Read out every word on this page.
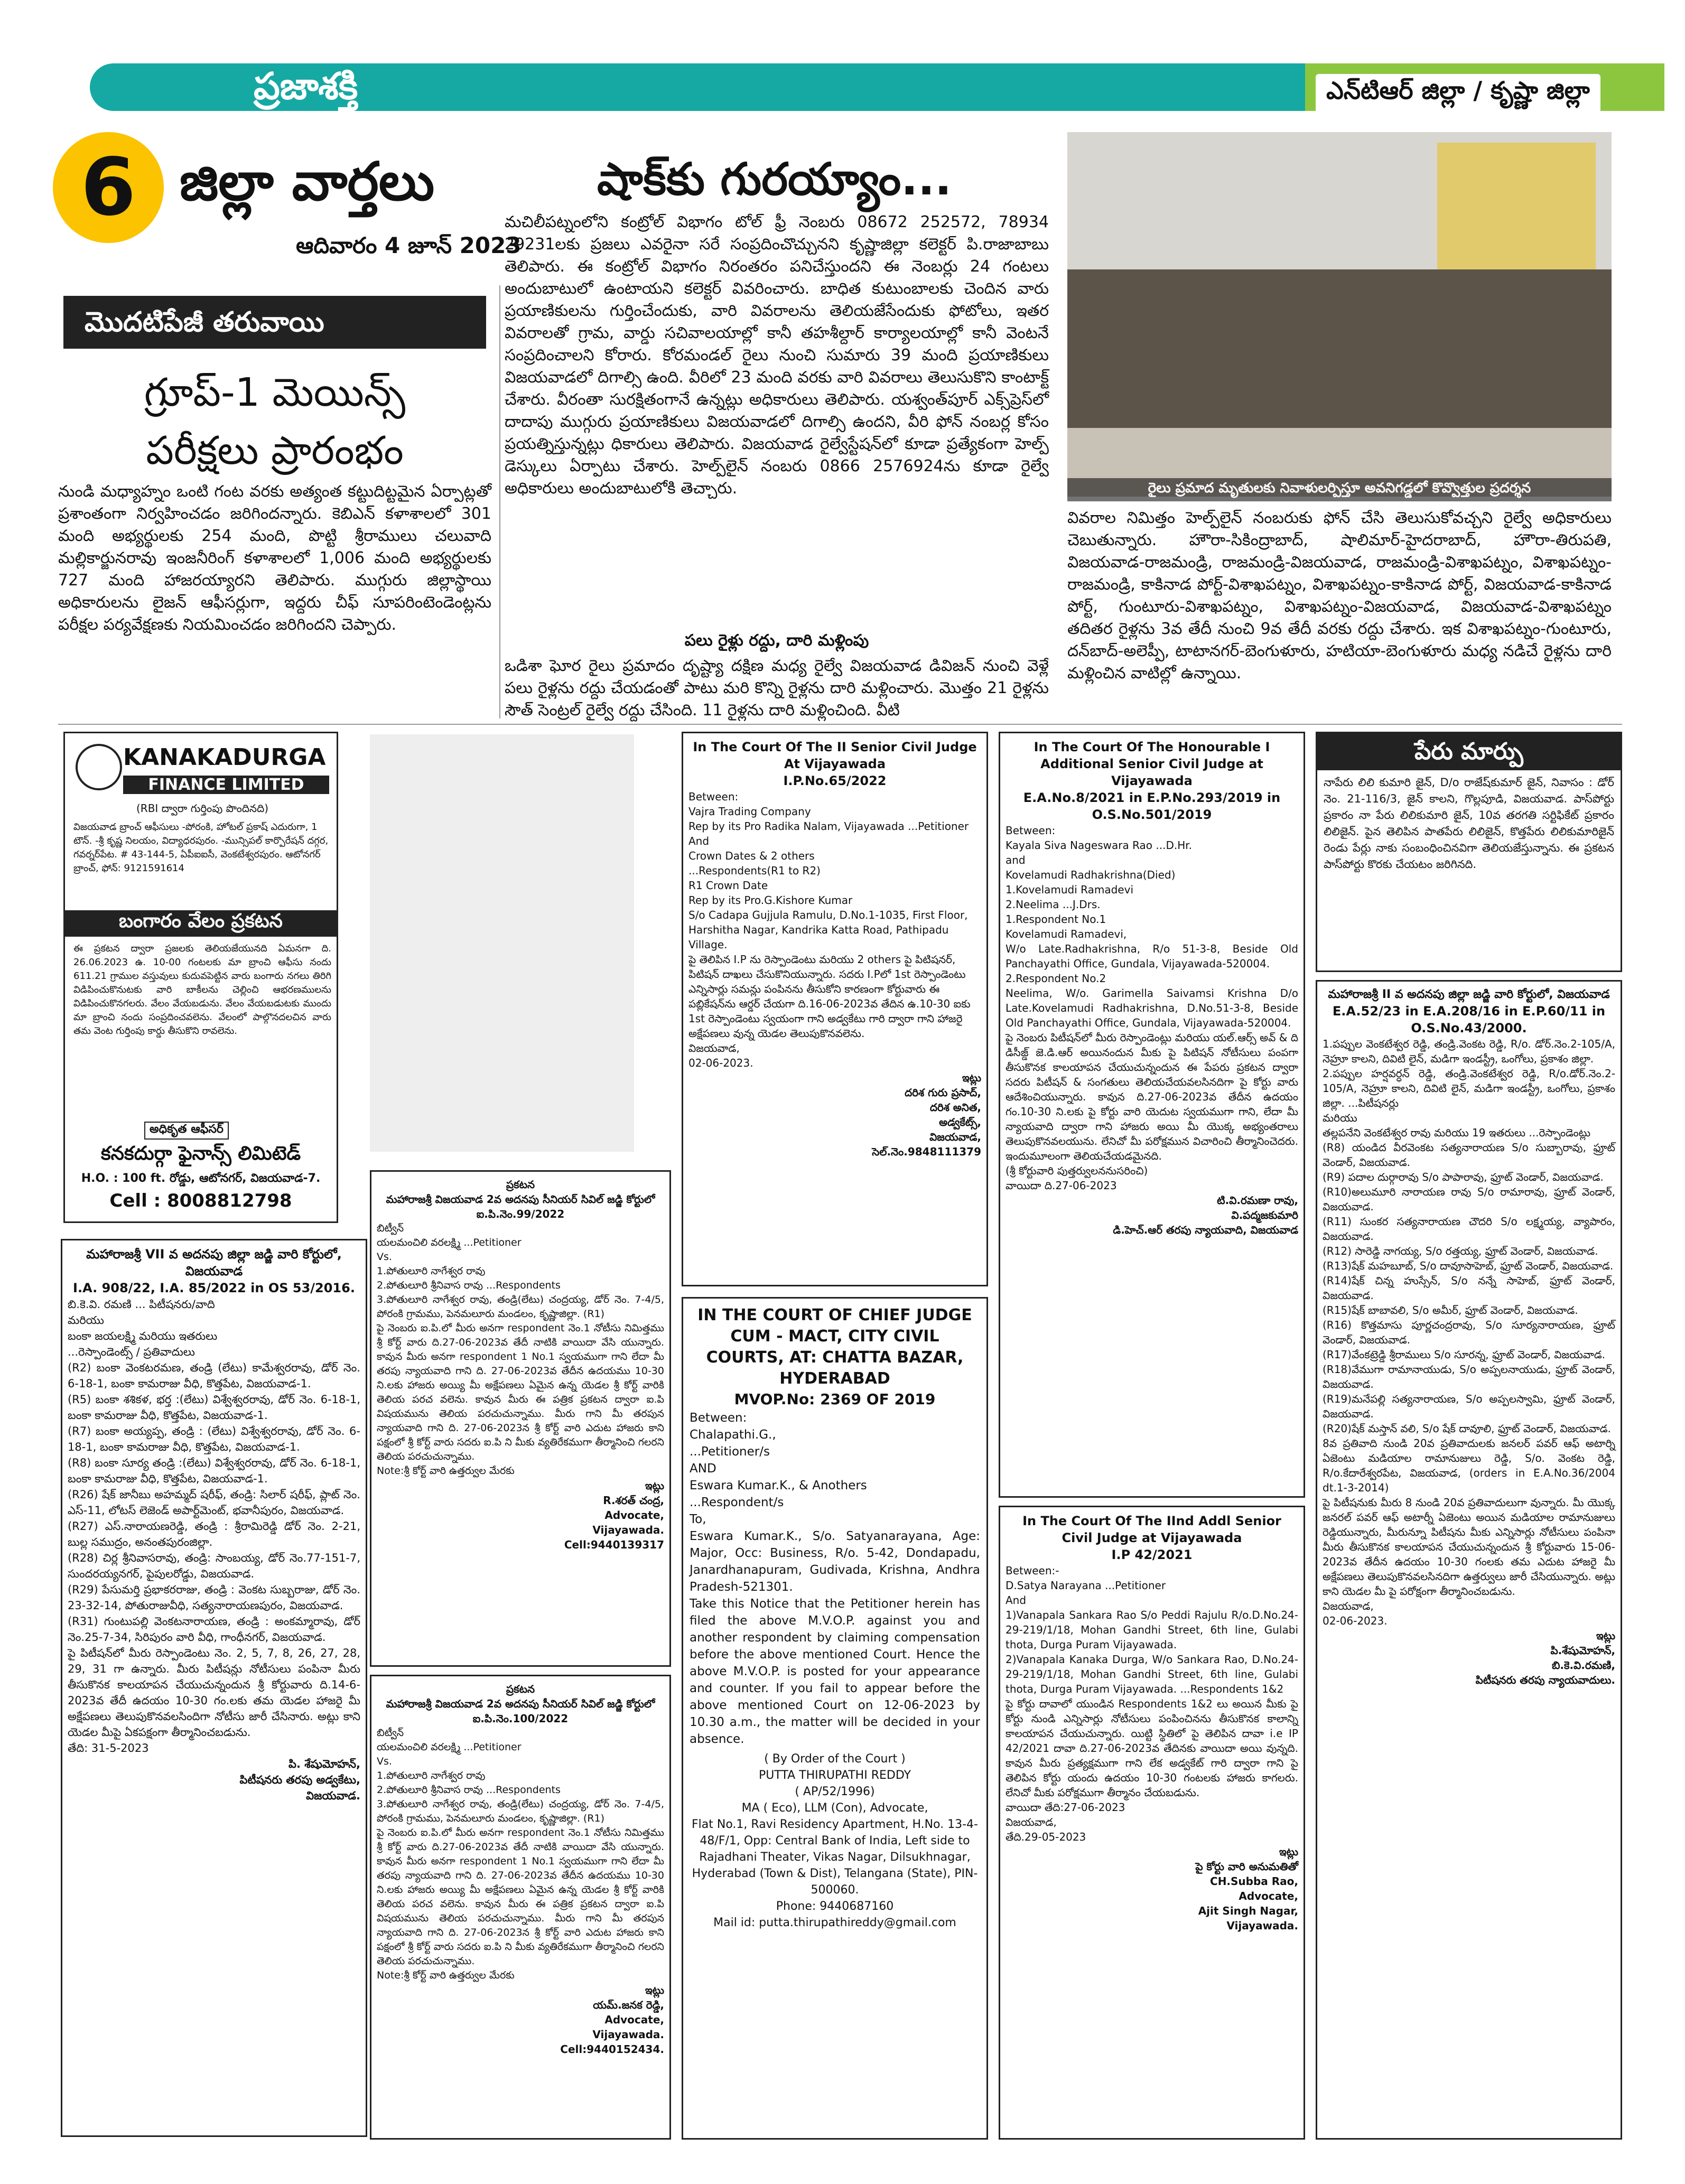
ప్రజాశక్తి	ఎన్‌టిఆర్ జిల్లా / కృష్ణా జిల్లా
6 జిల్లా వార్తలు
ఆదివారం 4 జూన్ 2023
మొదటిపేజీ తరువాయి
గ్రూప్-1 మెయిన్స్
పరీక్షలు ప్రారంభం
నుండి మధ్యాహ్నం ఒంటి గంట వరకు అత్యంత కట్టుదిట్టమైన ఏర్పాట్లతో ప్రశాంతంగా నిర్వహించడం జరిగిందన్నారు. కెబిఎన్ కళాశాలలో 301 మంది అభ్యర్థులకు 254 మంది, పొట్టి శ్రీరాములు చలువాది మల్లికార్జునరావు ఇంజనీరింగ్ కళాశాలలో 1,006 మంది అభ్యర్థులకు 727 మంది హాజరయ్యారని తెలిపారు. ముగ్గురు జిల్లాస్థాయి అధికారులను లైజన్ ఆఫీసర్లుగా, ఇద్దరు చీఫ్ సూపరింటెండెంట్లను పరీక్షల పర్యవేక్షణకు నియమించడం జరిగిందని చెప్పారు.
షాక్‌కు గురయ్యాం...
మచిలీపట్నంలోని కంట్రోల్ విభాగం టోల్ ఫ్రీ నెంబరు 08672 252572, 78934 29231లకు ప్రజలు ఎవరైనా సరే సంప్రదించొచ్చునని కృష్ణాజిల్లా కలెక్టర్ పి.రాజాబాబు తెలిపారు. ఈ కంట్రోల్ విభాగం నిరంతరం పనిచేస్తుందని ఈ నెంబర్లు 24 గంటలు అందుబాటులో ఉంటాయని కలెక్టర్ వివరించారు. బాధిత కుటుంబాలకు చెందిన వారు ప్రయాణికులను గుర్తించేందుకు, వారి వివరాలను తెలియజేసేందుకు ఫోటోలు, ఇతర వివరాలతో గ్రామ, వార్డు సచివాలయాల్లో కానీ తహశీల్దార్ కార్యాలయాల్లో కానీ వెంటనే సంప్రదించాలని కోరారు. కోరమండల్ రైలు నుంచి సుమారు 39 మంది ప్రయాణికులు విజయవాడలో దిగాల్సి ఉంది. వీరిలో 23 మంది వరకు వారి వివరాలు తెలుసుకొని కాంటాక్ట్ చేశారు. వీరంతా సురక్షితంగానే ఉన్నట్లు అధికారులు తెలిపారు. యశ్వంత్‌పూర్ ఎక్స్‌ప్రెస్‌లో దాదాపు ముగ్గురు ప్రయాణికులు విజయవాడలో దిగాల్సి ఉందని, వీరి ఫోన్ నంబర్ల కోసం ప్రయత్నిస్తున్నట్లు ధికారులు తెలిపారు. విజయవాడ రైల్వేస్టేషన్‌లో కూడా ప్రత్యేకంగా హెల్ప్ డెస్కులు ఏర్పాటు చేశారు. హెల్ప్‌లైన్ నంబరు 0866 2576924ను కూడా రైల్వే అధికారులు అందుబాటులోకి తెచ్చారు.
పలు రైళ్లు రద్దు, దారి మళ్లింపు
ఒడిశా ఘోర రైలు ప్రమాదం దృష్ట్యా దక్షిణ మధ్య రైల్వే విజయవాడ డివిజన్ నుంచి వెళ్లే పలు రైళ్లను రద్దు చేయడంతో పాటు మరి కొన్ని రైళ్లను దారి మళ్లించారు. మొత్తం 21 రైళ్లను సౌత్ సెంట్రల్ రైల్వే రద్దు చేసింది. 11 రైళ్లను దారి మళ్లించింది. వీటి
రైలు ప్రమాద మృతులకు నివాళులర్పిస్తూ అవనిగడ్డలో కొవ్వొత్తుల ప్రదర్శన
వివరాల నిమిత్తం హెల్ప్‌లైన్ నంబరుకు ఫోన్ చేసి తెలుసుకోవచ్చని రైల్వే అధికారులు చెబుతున్నారు. హౌరా-సికింద్రాబాద్, షాలిమార్-హైదరాబాద్, హౌరా-తిరుపతి, విజయవాడ-రాజమండ్రి, రాజమండ్రి-విజయవాడ, రాజమండ్రి-విశాఖపట్నం, విశాఖపట్నం-రాజమండ్రి, కాకినాడ పోర్ట్-విశాఖపట్నం, విశాఖపట్నం-కాకినాడ పోర్ట్, విజయవాడ-కాకినాడ పోర్ట్, గుంటూరు-విశాఖపట్నం, విశాఖపట్నం-విజయవాడ, విజయవాడ-విశాఖపట్నం తదితర రైళ్లను 3వ తేదీ నుంచి 9వ తేదీ వరకు రద్దు చేశారు. ఇక విశాఖపట్నం-గుంటూరు, దన్‌బాద్-అలెప్పీ, టాటానగర్-బెంగుళూరు, హటియా-బెంగుళూరు మధ్య నడిచే రైళ్లను దారి మళ్లించిన వాటిల్లో ఉన్నాయి.
KANAKADURGA
FINANCE LIMITED
(RBI ద్వారా గుర్తింపు పొందినది)
విజయవాడ బ్రాంచ్ ఆఫీసులు -పోరంకి, హోటల్ ప్రకాష్ ఎదురుగా, 1 టౌన్. -శ్రీ కృష్ణ నిలయం, విద్యాధరపురం. -మున్సిపల్ కార్పొరేషన్ దగ్గర, గవర్నర్‌పేట. # 43-144-5, ఏపీఐఐసీ, వెంకటేశ్వరపురం. ఆటోనగర్ బ్రాంచ్, ఫోన్: 9121591614
బంగారం వేలం ప్రకటన
ఈ ప్రకటన ద్వారా ప్రజలకు తెలియజేయునది ఏమనగా ది. 26.06.2023 ఉ. 10-00 గంటలకు మా బ్రాంచి ఆఫీసు నందు 611.21 గ్రాముల వస్తువులు కుదువపెట్టిన వారు బంగారు నగలు తిరిగి విడిపించుకొనుటకు వారి బాకీలను చెల్లించి ఆభరణములను విడిపించుకొనగలరు. వేలం వేయబడును. వేలం వేయబడుటకు ముందు మా బ్రాంచి నందు సంప్రదించవలెను. వేలంలో పాల్గొనదలచిన వారు తమ వెంట గుర్తింపు కార్డు తీసుకొని రావలెను.
అధికృత ఆఫీసర్
కనకదుర్గా ఫైనాన్స్ లిమిటెడ్
H.O. : 100 ft. రోడ్డు, ఆటోనగర్, విజయవాడ-7.
Cell : 8008812798
మహారాజశ్రీ VII వ అదనపు జిల్లా జడ్జి వారి కోర్టులో, విజయవాడ
I.A. 908/22, I.A. 85/2022 in OS 53/2016.
బి.కె.వి. రమణి ... పిటీషనరు/వాది
మరియు
బంకా జయలక్ష్మి మరియు ఇతరులు
...రెస్పాండెంట్స్ / ప్రతివాదులు
(R2) బంకా వెంకటరమణ, తండ్రి (లేటు) కామేశ్వరరావు, డోర్ నెం. 6-18-1, బంకా కామరాజు వీధి, కొత్తపేట, విజయవాడ-1.
(R5) బంకా శశికళ, భర్త :(లేటు) విశ్వేశ్వరరావు, డోర్ నెం. 6-18-1, బంకా కామరాజు వీధి, కొత్తపేట, విజయవాడ-1.
(R7) బంకా అయ్యప్ప, తండ్రి : (లేటు) విశ్వేశ్వరరావు, డోర్ నెం. 6-18-1, బంకా కామరాజు వీధి, కొత్తపేట, విజయవాడ-1.
(R8) బంకా సూర్య తండ్రి :(లేటు) విశ్వేశ్వరరావు, డోర్ నెం. 6-18-1, బంకా కామరాజు వీధి, కొత్తపేట, విజయవాడ-1.
(R26) షేక్ జానీబు అహమ్మద్ షరీఫ్, తండ్రి: సిలార్ షరీఫ్, ప్లాట్ నెం. ఎస్-11, లోటస్ లెజెండ్ అపార్ట్‌మెంట్, భవానీపురం, విజయవాడ.
(R27) ఎస్.నారాయణరెడ్డి, తండ్రి : శ్రీరామిరెడ్డి డోర్ నెం. 2-21, బుల్ల సముద్రం, అనంతపురంజిల్లా.
(R28) చిర్ల శ్రీనివాసరావు, తండ్రి: సాంబయ్య, డోర్ నెం.77-151-7, సుందరయ్యనగర్, పైపులరోడ్డు, విజయవాడ.
(R29) పేసుమర్తి ప్రభాకరరాజు, తండ్రి : వెంకట సుబ్బరాజు, డోర్ నెం. 23-32-14, పోతురాజువీధి, సత్యనారాయణపురం, విజయవాడ.
(R31) గుంటుపల్లి వెంకటనారాయణ, తండ్రి : అంకమ్మారావు, డోర్ నెం.25-7-34, సిరిపురం వారి వీధి, గాంధీనగర్, విజయవాడ.
పై పిటీషన్‌లో మీరు రెస్పాండెంటు నెం. 2, 5, 7, 8, 26, 27, 28, 29, 31 గా ఉన్నారు. మీరు పిటీషన్లు నోటీసులు పంపినా మీరు తీసుకొనక కాలయాపన చేయుచున్నందున శ్రీ కోర్టువారు ది.14-6-2023వ తేదీ ఉదయం 10-30 గం.లకు తమ యెడల హాజరై మీ అక్షేపణలు తెలుపుకొనవలసిందిగా నోటీసు జారీ చేసినారు. అట్లు కాని యెడల మీపై ఏకపక్షంగా తీర్మానించబడును.
తేది: 31-5-2023
పి. శేషుమోహన్,
పిటీషనరు తరపు అడ్వకేటు,
విజయవాడ.
ప్రకటన
మహారాజశ్రీ విజయవాడ 2వ అదనపు సీనియర్ సివిల్ జడ్జి కోర్టులో
ఐ.పి.నెం.99/2022
బిట్వీన్
యలమంచిలి వరలక్ష్మి ...Petitioner
Vs.
1.పోతులూరి నాగేశ్వర రావు
2.పోతులూరి శ్రీనివాస రావు ...Respondents
3.పోతులూరి నాగేశ్వర రావు, తండ్రి(లేటు) చంద్రయ్య, డోర్ నెం. 7-4/5, పోరంకి గ్రామము, పెనమలూరు మండలం, కృష్ణాజిల్లా. (R1)
పై నెంబరు ఐ.పి.లో మీరు అనగా respondent నెం.1 నోటీసు నిమిత్తము శ్రీ కోర్ట్ వారు ది.27-06-2023వ తేదీ నాటికి వాయిదా వేసి యున్నారు. కావున మీరు అనగా respondent 1 No.1 స్వయముగా గాని లేదా మీ తరపు న్యాయవాది గాని ది. 27-06-2023వ తేదీన ఉదయము 10-30 ని.లకు హాజరు అయ్యి మీ అక్షేపణలు ఏమైన ఉన్న యెడల శ్రీ కోర్ట్ వారికి తెలియ పరచ వలెను. కావున మీరు ఈ పత్రిక ప్రకటన ద్వారా ఐ.పి విషయమును తెలియ పరచుచున్నాము. మీరు గాని మీ తరపున న్యాయవాది గాని ది. 27-06-2023న శ్రీ కోర్ట్ వారి ఎదుట హాజరు కాని పక్షంలో శ్రీ కోర్ట్ వారు సదరు ఐ.పి ని మీకు వ్యతిరేకముగా తీర్మానించి గలరని తెలియ పరచుచున్నాము.
Note:శ్రీ కోర్ట్ వారి ఉత్తర్వుల మేరకు
ఇట్లు
R.శరత్ చంద్ర,
Advocate,
Vijayawada.
Cell:9440139317
ప్రకటన
మహారాజశ్రీ విజయవాడ 2వ అదనపు సీనియర్ సివిల్ జడ్జి కోర్టులో
ఐ.పి.నెం.100/2022
బిట్వీన్
యలమంచిలి వరలక్ష్మి ...Petitioner
Vs.
1.పోతులూరి నాగేశ్వర రావు
2.పోతులూరి శ్రీనివాస రావు ...Respondents
3.పోతులూరి నాగేశ్వర రావు, తండ్రి(లేటు) చంద్రయ్య, డోర్ నెం. 7-4/5, పోరంకి గ్రామము, పెనమలూరు మండలం, కృష్ణాజిల్లా. (R1)
పై నెంబరు ఐ.పి.లో మీరు అనగా respondent నెం.1 నోటీసు నిమిత్తము శ్రీ కోర్ట్ వారు ది.27-06-2023వ తేదీ నాటికి వాయిదా వేసి యున్నారు. కావున మీరు అనగా respondent 1 No.1 స్వయముగా గాని లేదా మీ తరపు న్యాయవాది గాని ది. 27-06-2023వ తేదీన ఉదయము 10-30 ని.లకు హాజరు అయ్యి మీ అక్షేపణలు ఏమైన ఉన్న యెడల శ్రీ కోర్ట్ వారికి తెలియ పరచ వలెను. కావున మీరు ఈ పత్రిక ప్రకటన ద్వారా ఐ.పి విషయమును తెలియ పరచుచున్నాము. మీరు గాని మీ తరపున న్యాయవాది గాని ది. 27-06-2023న శ్రీ కోర్ట్ వారి ఎదుట హాజరు కాని పక్షంలో శ్రీ కోర్ట్ వారు సదరు ఐ.పి ని మీకు వ్యతిరేకముగా తీర్మానించి గలరని తెలియ పరచుచున్నాము.
Note:శ్రీ కోర్ట్ వారి ఉత్తర్వుల మేరకు
ఇట్లు
యమ్.జనక రెడ్డి,
Advocate,
Vijayawada.
Cell:9440152434.
In The Court Of The II Senior Civil Judge At Vijayawada
I.P.No.65/2022
Between:
Vajra Trading Company
Rep by its Pro Radika Nalam, Vijayawada ...Petitioner
And
Crown Dates & 2 others
...Respondents(R1 to R2)
R1 Crown Date
Rep by its Pro.G.Kishore Kumar
S/o Cadapa Gujjula Ramulu, D.No.1-1035, First Floor, Harshitha Nagar, Kandrika Katta Road, Pathipadu Village.
పై తెలిపిన I.P ను రెస్పాండెంటు మరియు 2 others పై పిటిషనర్, పిటిషన్ దాఖలు చేసుకొనియున్నారు. సదరు I.Pలో 1st రెస్పాండెంటు ఎన్నిసార్లు సమన్లు పంపినను తీసుకోని కారణంగా కోర్టువారు ఈ పబ్లికేషన్‌ను ఆర్డర్ చేయగా ది.16-06-2023వ తేదిన ఉ.10-30 ఐకు 1st రెస్పాండెంటు స్వయంగా గాని అడ్వకేటు గారి ద్వారా గాని హాజరై అక్షేపణలు వున్న యెడల తెలుపుకొనవలెను.
విజయవాడ,
02-06-2023.
ఇట్లు
దరిశ గురు ప్రసాద్,
దరిశ అనిత,
అడ్వకేట్స్,
విజయవాడ,
సెల్.నెం.9848111379
IN THE COURT OF CHIEF JUDGE CUM - MACT, CITY CIVIL COURTS, AT: CHATTA BAZAR, HYDERABAD
MVOP.No: 2369 OF 2019
Between:
Chalapathi.G.,
...Petitioner/s
AND
Eswara Kumar.K., & Anothers
...Respondent/s
To,
Eswara Kumar.K., S/o. Satyanarayana, Age: Major, Occ: Business, R/o. 5-42, Dondapadu, Janardhanapuram, Gudivada, Krishna, Andhra Pradesh-521301.
Take this Notice that the Petitioner herein has filed the above M.V.O.P. against you and another respondent by claiming compensation before the above mentioned Court. Hence the above M.V.O.P. is posted for your appearance and counter. If you fail to appear before the above mentioned Court on 12-06-2023 by 10.30 a.m., the matter will be decided in your absence.
( By Order of the Court )
PUTTA THIRUPATHI REDDY
( AP/52/1996)
MA ( Eco), LLM (Con), Advocate,
Flat No.1, Ravi Residency Apartment, H.No. 13-4-48/F/1, Opp: Central Bank of India, Left side to Rajadhani Theater, Vikas Nagar, Dilsukhnagar, Hyderabad (Town & Dist), Telangana (State), PIN-500060.
Phone: 9440687160
Mail id: putta.thirupathireddy@gmail.com
In The Court Of The Honourable I Additional Senior Civil Judge at Vijayawada
E.A.No.8/2021 in E.P.No.293/2019 in O.S.No.501/2019
Between:
Kayala Siva Nageswara Rao ...D.Hr.
and
Kovelamudi Radhakrishna(Died)
1.Kovelamudi Ramadevi
2.Neelima ...J.Drs.
1.Respondent No.1
Kovelamudi Ramadevi,
W/o Late.Radhakrishna, R/o 51-3-8, Beside Old Panchayathi Office, Gundala, Vijayawada-520004.
2.Respondent No.2
Neelima, W/o. Garimella Saivamsi Krishna D/o Late.Kovelamudi Radhakrishna, D.No.51-3-8, Beside Old Panchayathi Office, Gundala, Vijayawada-520004.
పై నెంబరు పిటీషన్‌లో మీరు రెస్పాండెంట్లు మరియు యల్.ఆర్స్ అవ్ & ది డిసీజ్డ్ జె.డి.ఆర్ అయినందున మీకు పై పిటిషన్ నోటీసులు పంపగా తీసుకొనక కాలయాపన చేయుచున్నందున ఈ పేపరు ప్రకటన ద్వారా సదరు పిటీషన్ & సంగతులు తెలియచేయవలసినదిగా పై కోర్టు వారు ఆదేశించియున్నారు. కావున ది.27-06-2023వ తేదీన ఉదయం గం.10-30 ని.లకు పై కోర్టు వారి యెదుట స్వయముగా గాని, లేదా మీ న్యాయవాది ద్వారా గాని హాజరు అయి మీ యొక్క అభ్యంతరాలు తెలుపుకొనవలయును. లేనిచో మీ పరోక్షమున విచారించి తీర్మానించెదరు. ఇందుమూలంగా తెలియచేయడమైనది.
(శ్రీ కోర్టువారి పుత్తర్వులననుసరించి)
వాయిదా ది.27-06-2023
టి.వి.రమణా రావు,
వి.పద్మజకుమారి
డి.హెచ్.ఆర్ తరపు న్యాయవాది, విజయవాడ
In The Court Of The IInd Addl Senior Civil Judge at Vijayawada
I.P 42/2021
Between:-
D.Satya Narayana ...Petitioner
And
1)Vanapala Sankara Rao S/o Peddi Rajulu R/o.D.No.24-29-219/1/18, Mohan Gandhi Street, 6th line, Gulabi thota, Durga Puram Vijayawada.
2)Vanapala Kanaka Durga, W/o Sankara Rao, D.No.24-29-219/1/18, Mohan Gandhi Street, 6th line, Gulabi thota, Durga Puram Vijayawada. ...Respondents 1&2
పై కోర్టు దావాలో యుండిన Respondents 1&2 లు అయిన మీకు పై కోర్టు నుండి ఎన్నిసార్లు నోటీసులు పంపించినను తీసుకొనక కాలాన్ని కాలయాపన చేయుచున్నారు. యిట్టి స్థితిలో పై తెలిపిన దావా i.e IP 42/2021 దావా ది.27-06-2023వ తేదినకు వాయిదా అయి వున్నది. కావున మీరు ప్రత్యక్షముగా గాని లేక అడ్వకేట్ గారి ద్వారా గాని పై తెలిపిన కోర్టు యందు ఉదయం 10-30 గంటలకు హాజరు కాగలరు. లేనిచో మీకు పరోక్షముగా తీర్మానం చేయబడును.
వాయిదా తేది:27-06-2023
విజయవాడ,
తేది.29-05-2023
ఇట్లు
పై కోర్టు వారి అనుమతితో
CH.Subba Rao,
Advocate,
Ajit Singh Nagar,
Vijayawada.
పేరు మార్పు
నాపేరు లిలి కుమారి జైన్, D/o రాజేష్‌కుమార్ జైన్, నివాసం : డోర్ నెం. 21-116/3, జైన్ కాలని, గొల్లపూడి, విజయవాడ. పాస్‌పోర్టు ప్రకారం నా పేరు లిలికుమారి జైన్, 10వ తరగతి సర్టిఫికేట్ ప్రకారం లిలిజైన్. పైన తెలిపిన పాతపేరు లిలిజైన్, కొత్తపేరు లిలికుమారిజైన్ రెండు పేర్లు నాకు సంబంధించినవిగా తెలియజేస్తున్నాను. ఈ ప్రకటన పాస్‌పోర్టు కొరకు చేయటం జరిగినది.
మహారాజశ్రీ II వ అదనపు జిల్లా జడ్జి వారి కోర్టులో, విజయవాడ
E.A.52/23 in E.A.208/16 in E.P.60/11 in O.S.No.43/2000.
1.పప్పుల వెంకటేశ్వర రెడ్డి, తండ్రి.వెంకట రెడ్డి, R/o. డోర్.నెం.2-105/A, నెహ్రూ కాలని, దివిటి లైన్, మడిగా ఇండస్ట్రీ, ఒంగోలు, ప్రకాశం జిల్లా.
2.పప్పుల హర్షవర్ధన్ రెడ్డి, తండ్రి.వెంకటేశ్వర రెడ్డి, R/o.డోర్.నెం.2-105/A, నెహ్రూ కాలని, దివిటి లైన్, మడిగా ఇండస్ట్రీ, ఒంగోలు, ప్రకాశం జిల్లా. ...పిటీషనర్లు
మరియు
తల్లపనేని వెంకటేశ్వర రావు మరియు 19 ఇతరులు ...రెస్పాండెంట్లు
(R8) యండిద వీరవెంకట సత్యనారాయణ S/o సుబ్బారావు, ఫ్రూట్ వెండార్, విజయవాడ.
(R9) పదాల దుర్గారావు S/o పాపారావు, ఫ్రూట్ వెండార్, విజయవాడ.
(R10)అలుమూరి నారాయణ రావు S/o రామారావు, ఫ్రూట్ వెండార్, విజయవాడ.
(R11) సుంకర సత్యనారాయణ చౌదరి S/o లక్ష్మయ్య, వ్యాపారం, విజయవాడ.
(R12) సారెడ్డి నాగయ్య, S/o రత్తయ్య, ఫ్రూట్ వెండార్, విజయవాడ.
(R13)షేక్ మహబూబ్, S/o దావూసాహెబ్, ఫ్రూట్ వెండార్, విజయవాడ.
(R14)షేక్ చిన్న హుస్సేన్, S/o నన్నే సాహెబ్, ఫ్రూట్ వెండార్, విజయవాడ.
(R15)షేక్ బాబావలి, S/o అమీర్, ఫ్రూట్ వెండార్, విజయవాడ.
(R16) కొత్తమాసు పూర్ణచంద్రరావు, S/o సూర్యనారాయణ, ఫ్రూట్ వెండార్, విజయవాడ.
(R17)వేంకట్రెడ్డి శ్రీరాములు S/o సూరన్న, ఫ్రూట్ వెండార్, విజయవాడ.
(R18)వేముగా రామానాయుడు, S/o అప్పలనాయుడు, ఫ్రూట్ వెండార్, విజయవాడ.
(R19)మనేపల్లి సత్యనారాయణ, S/o అప్పలస్వామి, ఫ్రూట్ వెండార్, విజయవాడ.
(R20)షేక్ మస్తాన్ వలి, S/o షేక్ దావూలి, ఫ్రూట్ వెండార్, విజయవాడ.
8వ ప్రతివాది నుండి 20వ ప్రతివాదులకు జనలర్ పవర్ ఆఫ్ అటార్ని ఏజెంటు మడియాల రామానుజులు రెడ్డి, S/o. వెంకట రెడ్డి, R/o.కేదారేశ్వరపేట, విజయవాడ, (orders in E.A.No.36/2004 dt.1-3-2014)
పై పిటీషనుకు మీరు 8 నుండి 20వ ప్రతివాదులుగా వున్నారు. మీ యొక్క జనరల్ పవర్ ఆఫ్ అటార్నీ ఏజెంటు అయిన మడియాల రామానుజులు రెడ్డియున్నారు, మీరున్నూ పిటీషను మీకు ఎన్నిసార్లు నోటీసులు పంపినా మీరు తీసుకొనక కాలయాపన చేయుచున్నందున శ్రీ కోర్టువారు 15-06-2023వ తేదీన ఉదయం 10-30 గంలకు తమ ఎదుట హాజరై మీ అక్షేపణలు తెలుపుకొనవలసినదిగా ఉత్తర్వులు జారీ చేసియున్నారు. అట్లు కాని యెడల మీ పై పరోక్షంగా తీర్మానించబడును.
విజయవాడ,
02-06-2023.
ఇట్లు
పి.శేషుమోహన్,
బి.కె.వి.రమణి,
పిటీషనరు తరపు న్యాయవాదులు.
